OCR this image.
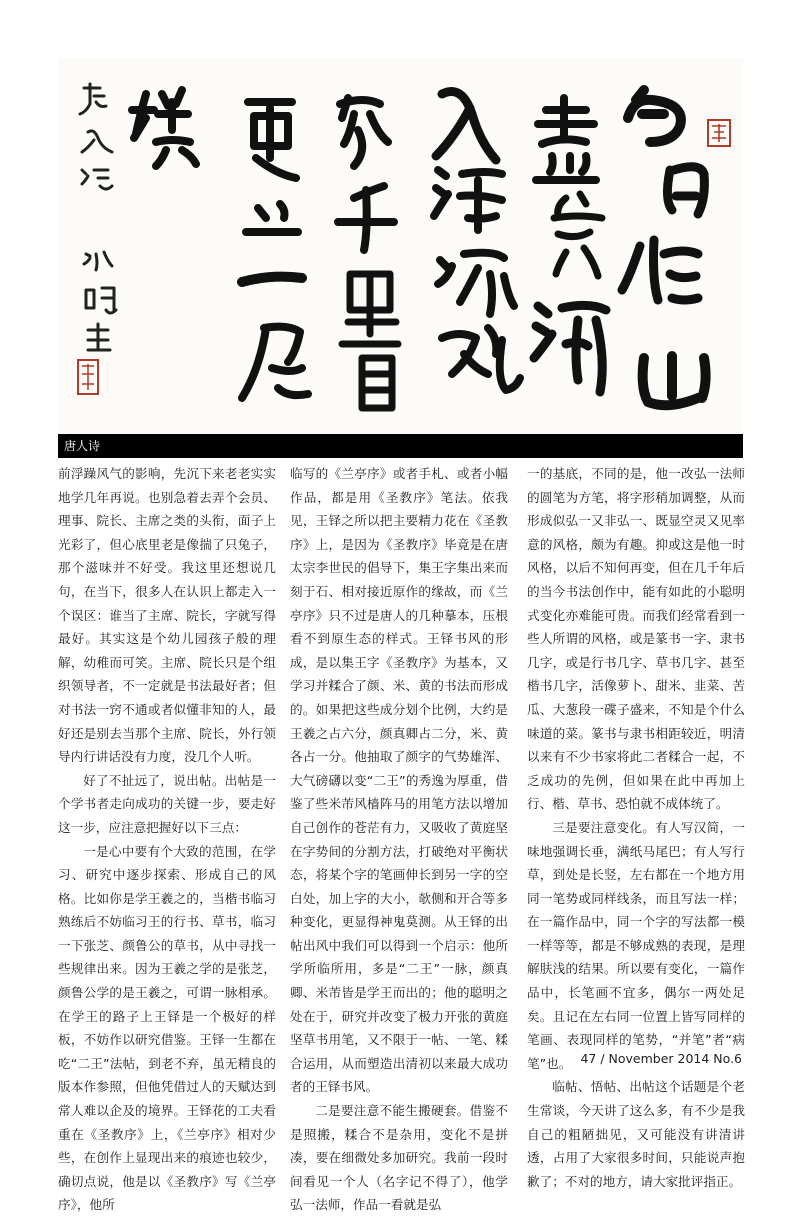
唐人诗

前浮躁风气的影响，先沉下来老老实实地学几年再说。也别急着去弄个会员、理事、院长、主席之类的头衔，面子上光彩了，但心底里老是像揣了只兔子，那个滋味并不好受。我这里还想说几句，在当下，很多人在认识上都走入一个误区：谁当了主席、院长，字就写得最好。其实这是个幼儿园孩子般的理解，幼稚而可笑。主席、院长只是个组织领导者，不一定就是书法最好者；但对书法一窍不通或者似懂非知的人，最好还是别去当那个主席、院长，外行领导内行讲话没有力度，没几个人听。

好了不扯远了，说出帖。出帖是一个学书者走向成功的关键一步，要走好这一步，应注意把握好以下三点：

一是心中要有个大致的范围，在学习、研究中逐步探索、形成自己的风格。比如你是学王羲之的，当楷书临习熟练后不妨临习王的行书、草书，临习一下张芝、颜鲁公的草书，从中寻找一些规律出来。因为王羲之学的是张芝，颜鲁公学的是王羲之，可谓一脉相承。在学王的路子上王铎是一个极好的样板，不妨作以研究借鉴。王铎一生都在吃“二王”法帖，到老不弃，虽无精良的版本作参照，但他凭借过人的天赋达到常人难以企及的境界。王铎花的工夫看重在《圣教序》上，《兰亭序》相对少些，在创作上显现出来的痕迹也较少，确切点说，他是以《圣教序》写《兰亭序》，他所

临写的《兰亭序》或者手札、或者小幅作品，都是用《圣教序》笔法。依我见，王铎之所以把主要精力花在《圣教序》上，是因为《圣教序》毕竟是在唐太宗李世民的倡导下，集王字集出来而刻于石、相对接近原作的缘故，而《兰亭序》只不过是唐人的几种摹本，压根看不到原生态的样式。王铎书风的形成，是以集王字《圣教序》为基本，又学习并糅合了颜、米、黄的书法而形成的。如果把这些成分划个比例，大约是王羲之占六分，颜真卿占二分，米、黄各占一分。他抽取了颜字的气势雄浑、大气磅礴以变“二王”的秀逸为厚重，借鉴了些米芾风樯阵马的用笔方法以增加自己创作的苍茫有力，又吸收了黄庭坚在字势间的分割方法，打破绝对平衡状态，将某个字的笔画伸长到另一字的空白处，加上字的大小，欹侧和开合等多种变化，更显得神鬼莫测。从王铎的出帖出风中我们可以得到一个启示：他所学所临所用，多是“二王”一脉，颜真卿、米芾皆是学王而出的；他的聪明之处在于，研究并改变了极力开张的黄庭坚草书用笔，又不限于一帖、一笔、糅合运用，从而塑造出清初以来最大成功者的王铎书风。

二是要注意不能生搬硬套。借鉴不是照搬，糅合不是杂用，变化不是拼凑，要在细微处多加研究。我前一段时间看见一个人（名字记不得了），他学弘一法师，作品一看就是弘

一的基底，不同的是，他一改弘一法师的圆笔为方笔，将字形稍加调整，从而形成似弘一又非弘一、既显空灵又见率意的风格，颇为有趣。抑或这是他一时风格，以后不知何再变，但在几千年后的当今书法创作中，能有如此的小聪明式变化亦难能可贵。而我们经常看到一些人所谓的风格，或是篆书一字、隶书几字，或是行书几字、草书几字、甚至楷书几字，活像萝卜、甜米、韭菜、苦瓜、大葱段一碟子盛来，不知是个什么味道的菜。篆书与隶书相距较近，明清以来有不少书家将此二者糅合一起，不乏成功的先例，但如果在此中再加上行、楷、草书、恐怕就不成体统了。

三是要注意变化。有人写汉简，一味地强调长垂，满纸马尾巴；有人写行草，到处是长竖，左右都在一个地方用同一笔势或同样线条，而且写法一样；在一篇作品中，同一个字的写法都一模一样等等，都是不够成熟的表现，是理解肤浅的结果。所以要有变化，一篇作品中，长笔画不宜多，偶尔一两处足矣。且记在左右同一位置上皆写同样的笔画、表现同样的笔势，“并笔”者“病笔”也。

临帖、悟帖、出帖这个话题是个老生常谈，今天讲了这么多，有不少是我自己的粗陋拙见，又可能没有讲清讲透，占用了大家很多时间，只能说声抱歉了；不对的地方，请大家批评指正。

47 / November 2014 No.6
